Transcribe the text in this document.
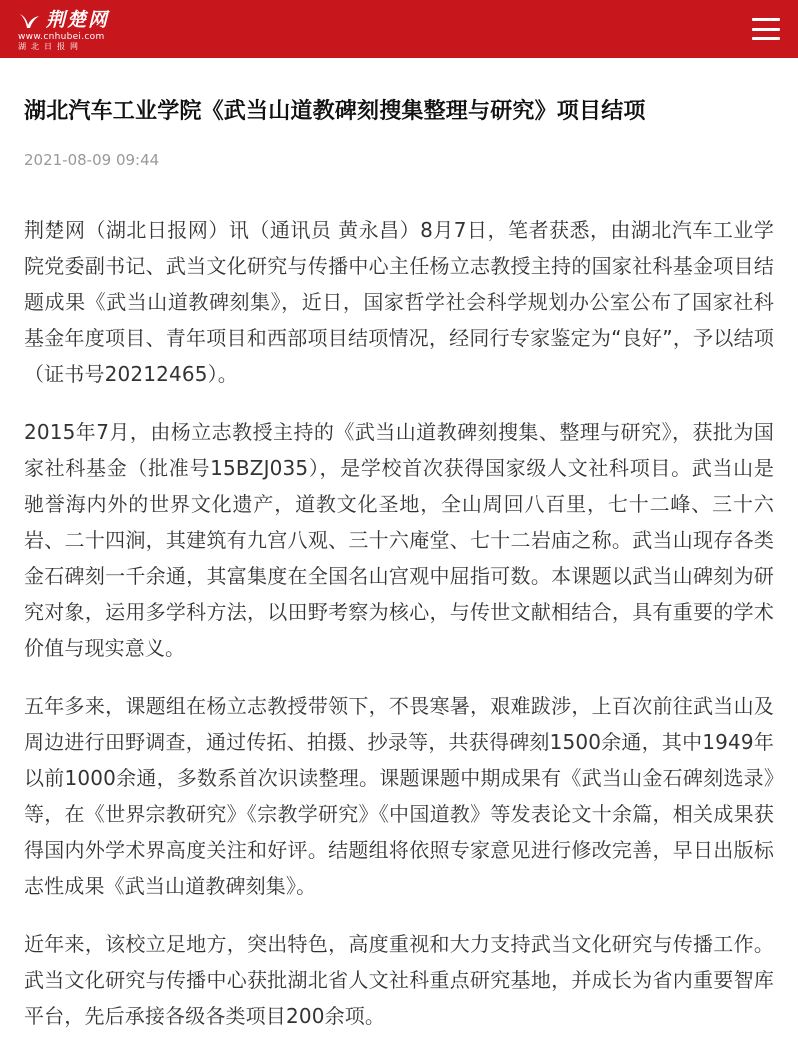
荆楚网
www.cnhubei.com
湖北日报网
湖北汽车工业学院《武当山道教碑刻搜集整理与研究》项目结项
2021-08-09 09:44

荆楚网（湖北日报网）讯（通讯员 黄永昌）8月7日，笔者获悉，由湖北汽车工业学院党委副书记、武当文化研究与传播中心主任杨立志教授主持的国家社科基金项目结题成果《武当山道教碑刻集》，近日，国家哲学社会科学规划办公室公布了国家社科基金年度项目、青年项目和西部项目结项情况，经同行专家鉴定为“良好”，予以结项（证书号20212465）。

2015年7月，由杨立志教授主持的《武当山道教碑刻搜集、整理与研究》，获批为国家社科基金（批准号15BZJ035），是学校首次获得国家级人文社科项目。武当山是驰誉海内外的世界文化遗产，道教文化圣地，全山周回八百里，七十二峰、三十六岩、二十四涧，其建筑有九宫八观、三十六庵堂、七十二岩庙之称。武当山现存各类金石碑刻一千余通，其富集度在全国名山宫观中屈指可数。本课题以武当山碑刻为研究对象，运用多学科方法，以田野考察为核心，与传世文献相结合，具有重要的学术价值与现实意义。

五年多来，课题组在杨立志教授带领下，不畏寒暑，艰难跋涉，上百次前往武当山及周边进行田野调查，通过传拓、拍摄、抄录等，共获得碑刻1500余通，其中1949年以前1000余通，多数系首次识读整理。课题课题中期成果有《武当山金石碑刻选录》等，在《世界宗教研究》《宗教学研究》《中国道教》等发表论文十余篇，相关成果获得国内外学术界高度关注和好评。结题组将依照专家意见进行修改完善，早日出版标志性成果《武当山道教碑刻集》。

近年来，该校立足地方，突出特色，高度重视和大力支持武当文化研究与传播工作。武当文化研究与传播中心获批湖北省人文社科重点研究基地，并成长为省内重要智库平台，先后承接各级各类项目200余项。
